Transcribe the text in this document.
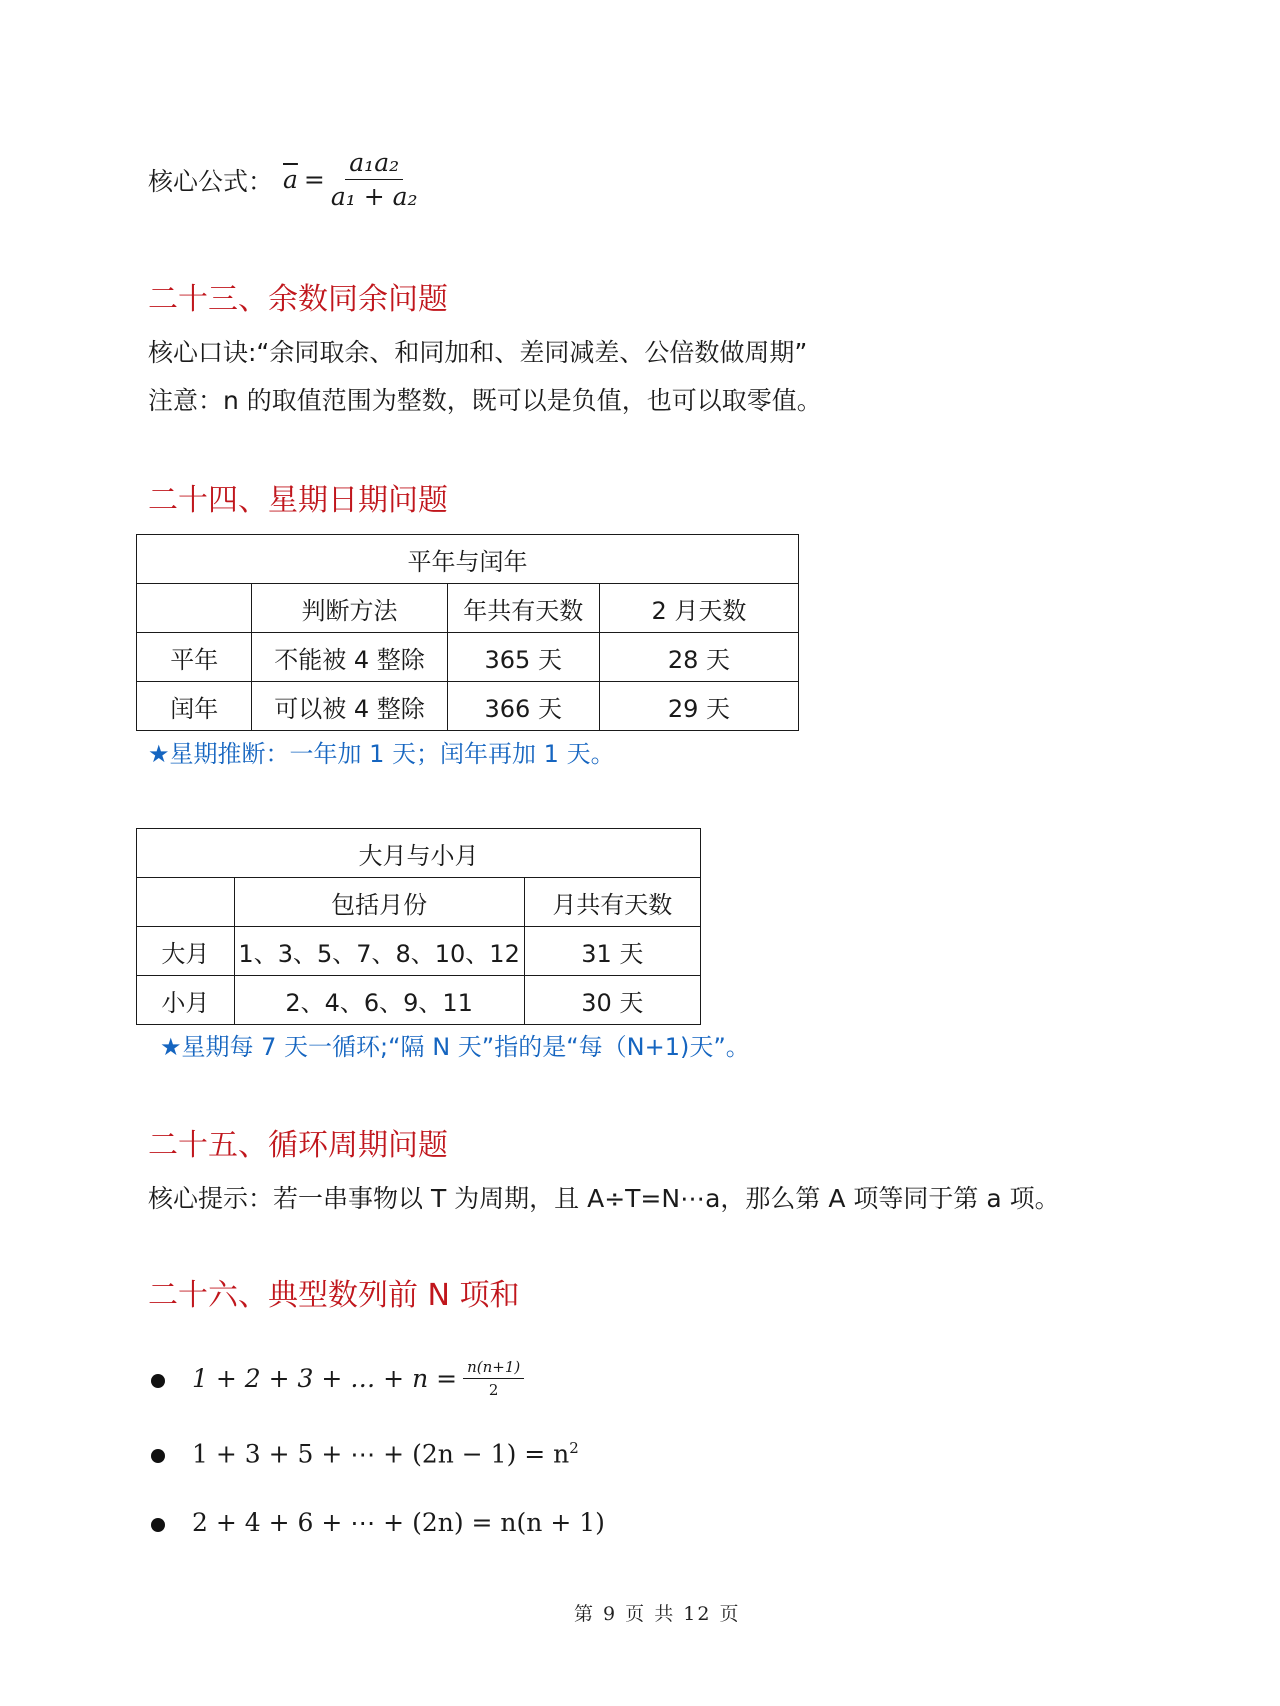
核心公式： $\overline{a} = \frac{\text{a₁a₂}}{\text{a₁ + a₂}}$
二十三、余数同余问题
核心口诀:“余同取余、和同加和、差同减差、公倍数做周期”
注意：n 的取值范围为整数，既可以是负值，也可以取零值。
二十四、星期日期问题
平年与闰年			
	判断方法	年共有天数	2 月天数
平年	不能被 4 整除	365 天	28 天
闰年	可以被 4 整除	366 天	29 天
★星期推断：一年加 1 天；闰年再加 1 天。
大月与小月		
	包括月份	月共有天数
大月	1、3、5、7、8、10、12	31 天
小月	2、4、6、9、11	30 天
★星期每 7 天一循环;“隔 N 天”指的是“每（N+1)天”。
二十五、循环周期问题
核心提示：若一串事物以 T 为周期，且 A÷T=N⋯a，那么第 A 项等同于第 a 项。
二十六、典型数列前 N 项和
1 + 2 + 3 + … + $n = \frac{n(n+1)}{2}$
1 + 3 + 5 + ⋯ + $(2n - 1) = n^2$
2 + 4 + 6 + ⋯ + (2n) = n(n + 1)
第 9 页 共 12 页
